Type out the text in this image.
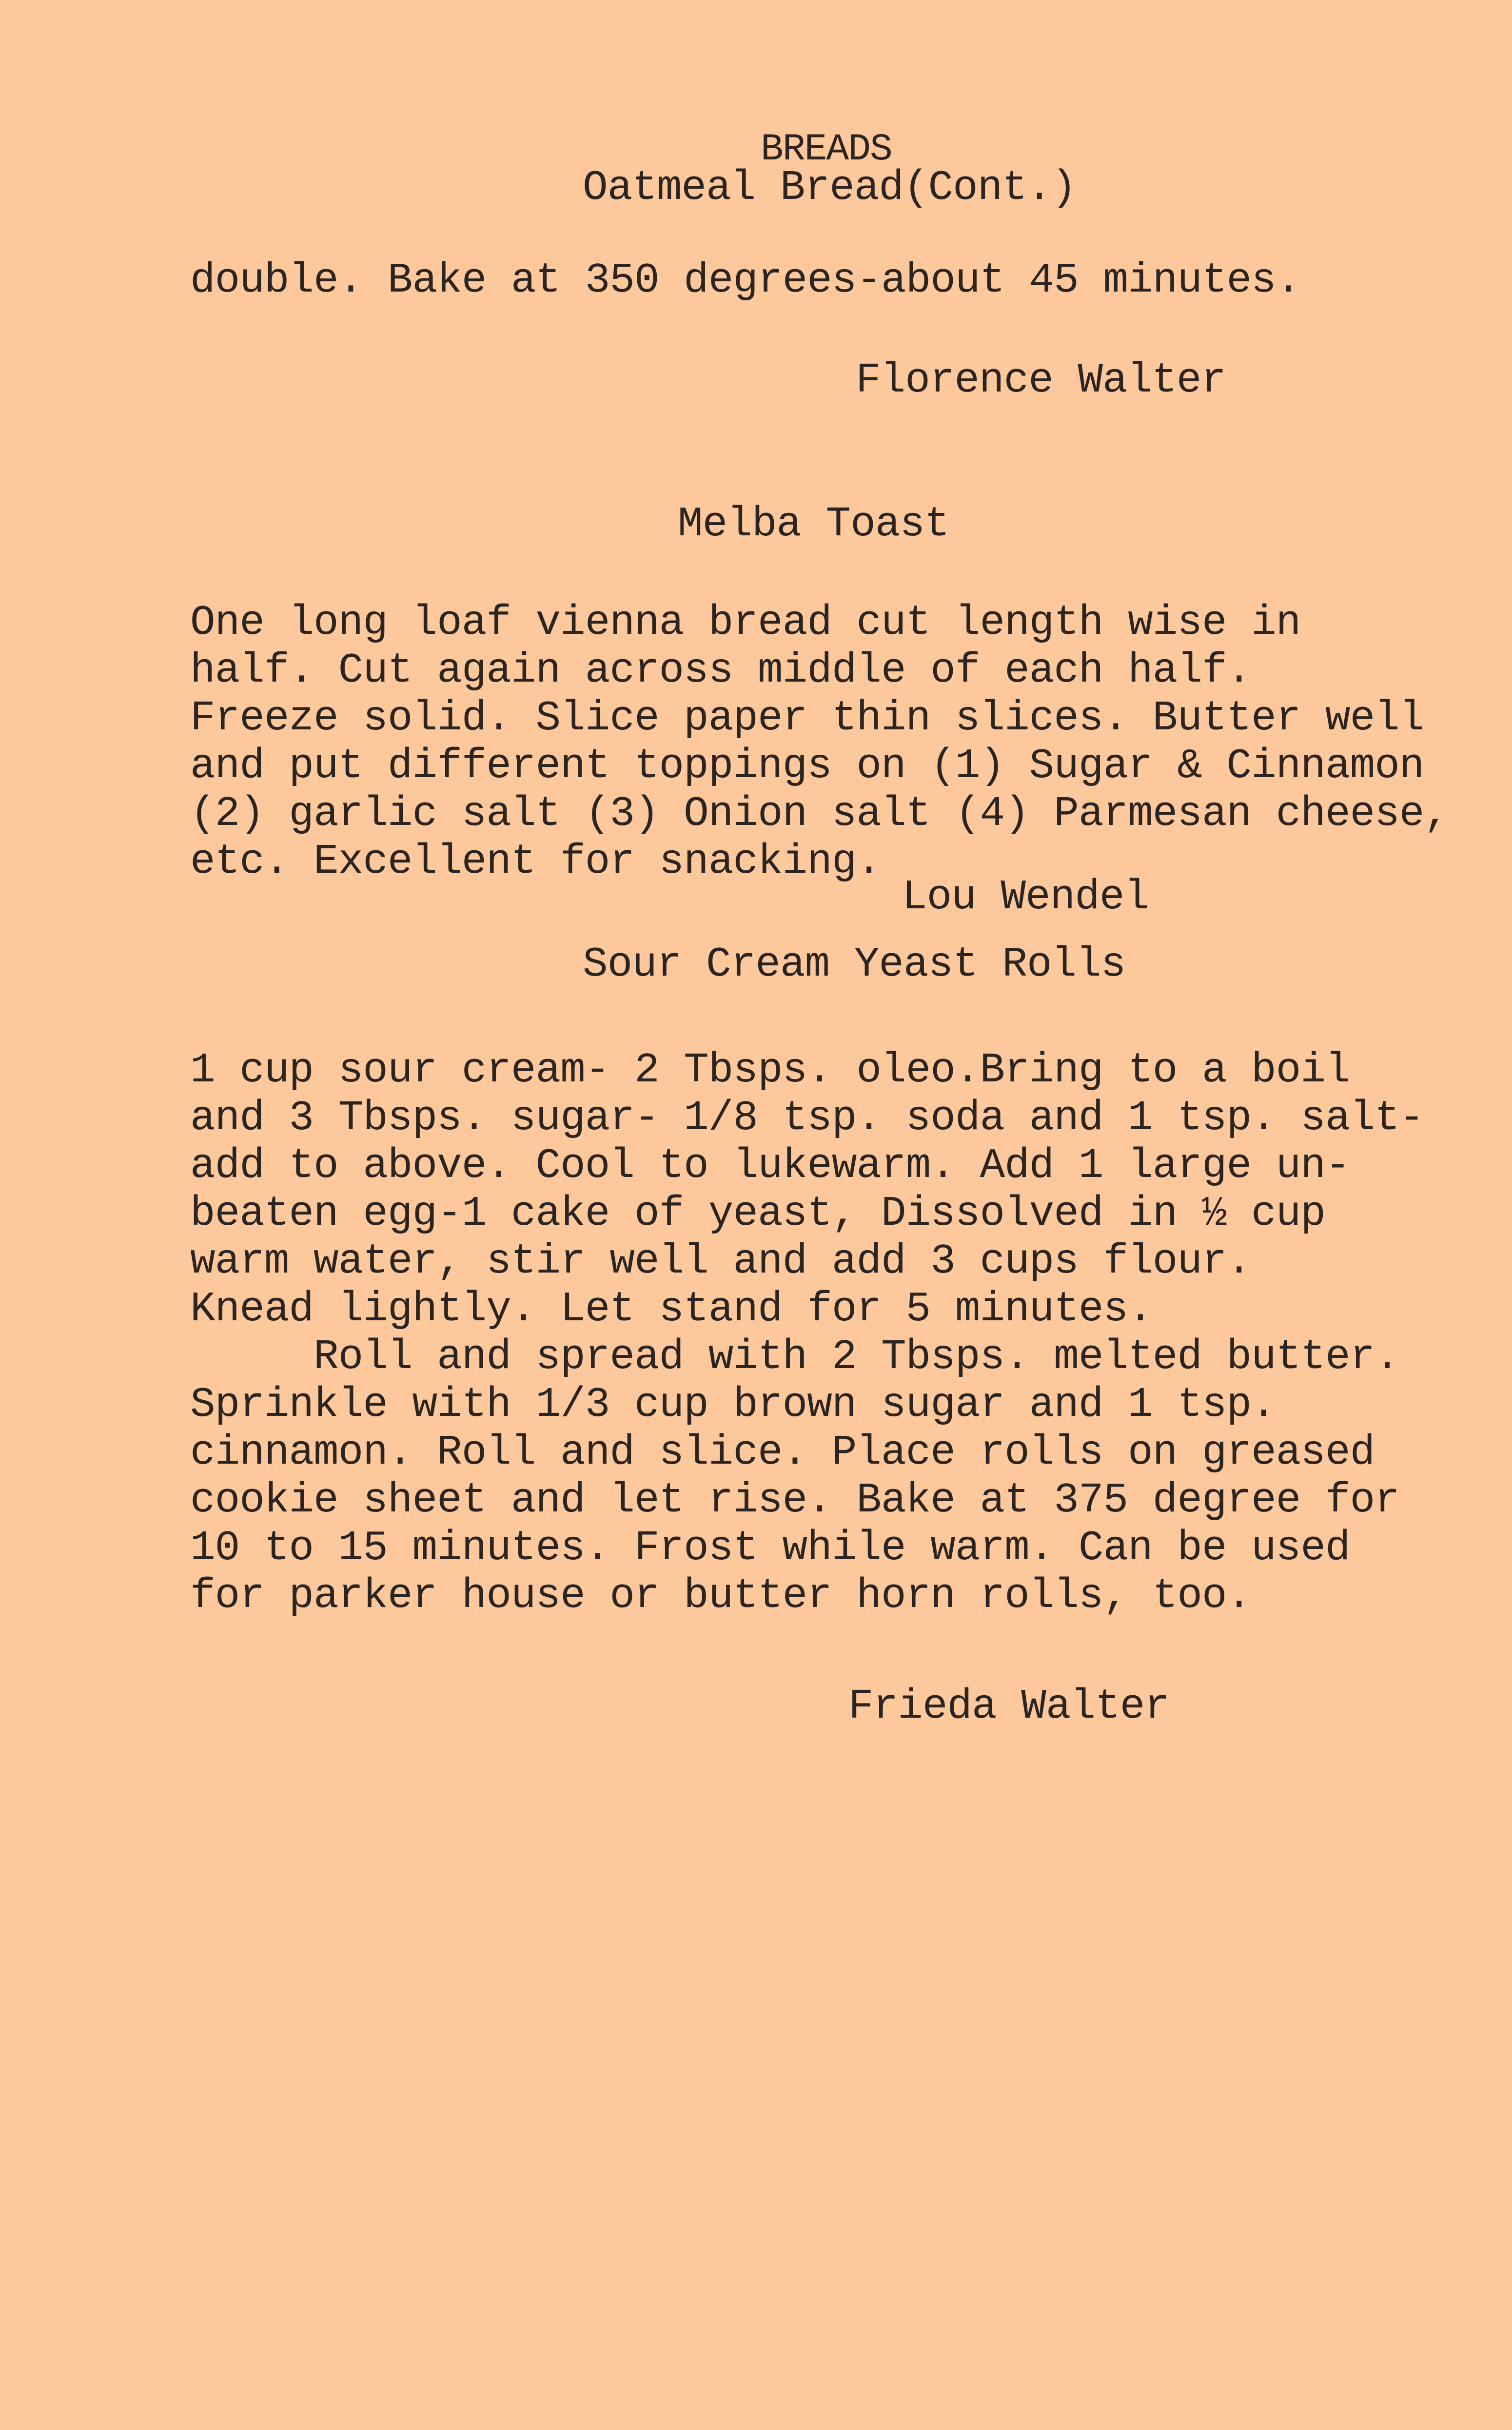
BREADS
Oatmeal Bread(Cont.)
double. Bake at 350 degrees-about 45 minutes.
Florence Walter
Melba Toast
One long loaf vienna bread cut length wise in
half. Cut again across middle of each half.
Freeze solid. Slice paper thin slices. Butter well
and put different toppings on (1) Sugar & Cinnamon
(2) garlic salt (3) Onion salt (4) Parmesan cheese,
etc. Excellent for snacking.
Lou Wendel
Sour Cream Yeast Rolls
1 cup sour cream- 2 Tbsps. oleo.Bring to a boil
and 3 Tbsps. sugar- 1/8 tsp. soda and 1 tsp. salt-
add to above. Cool to lukewarm. Add 1 large un-
beaten egg-1 cake of yeast, Dissolved in ½ cup
warm water, stir well and add 3 cups flour.
Knead lightly. Let stand for 5 minutes.
Roll and spread with 2 Tbsps. melted butter.
Sprinkle with 1/3 cup brown sugar and 1 tsp.
cinnamon. Roll and slice. Place rolls on greased
cookie sheet and let rise. Bake at 375 degree for
10 to 15 minutes. Frost while warm. Can be used
for parker house or butter horn rolls, too.
Frieda Walter
